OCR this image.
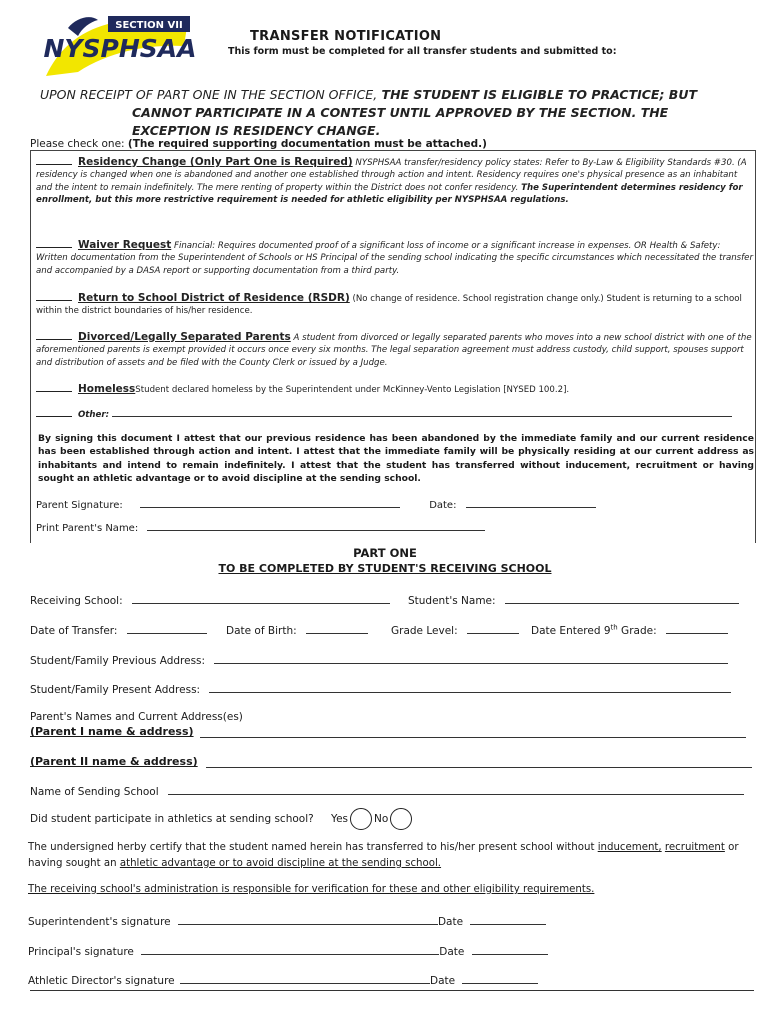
SECTION VII
NYSPHSAA	TRANSFER NOTIFICATION
This form must be completed for all transfer students and submitted to:
UPON RECEIPT OF PART ONE IN THE SECTION OFFICE, THE STUDENT IS ELIGIBLE TO PRACTICE; BUT
CANNOT PARTICIPATE IN A CONTEST UNTIL APPROVED BY THE SECTION. THE
EXCEPTION IS RESIDENCY CHANGE.
Please check one: (The required supporting documentation must be attached.)
Residency Change (Only Part One is Required) NYSPHSAA transfer/residency policy states: Refer to By-Law & Eligibility Standards #30. (A residency is changed when one is abandoned and another one established through action and intent. Residency requires one's physical presence as an inhabitant and the intent to remain indefinitely. The mere renting of property within the District does not confer residency. The Superintendent determines residency for enrollment, but this more restrictive requirement is needed for athletic eligibility per NYSPHSAA regulations.
Waiver Request Financial: Requires documented proof of a significant loss of income or a significant increase in expenses. OR Health & Safety: Written documentation from the Superintendent of Schools or HS Principal of the sending school indicating the specific circumstances which necessitated the transfer and accompanied by a DASA report or supporting documentation from a third party.
Return to School District of Residence (RSDR) (No change of residence. School registration change only.) Student is returning to a school within the district boundaries of his/her residence.
Divorced/Legally Separated Parents A student from divorced or legally separated parents who moves into a new school district with one of the aforementioned parents is exempt provided it occurs once every six months. The legal separation agreement must address custody, child support, spouses support and distribution of assets and be filed with the County Clerk or issued by a Judge.
HomelessStudent declared homeless by the Superintendent under McKinney-Vento Legislation [NYSED 100.2].
Other:
By signing this document I attest that our previous residence has been abandoned by the immediate family and our current residence has been established through action and intent. I attest that the immediate family will be physically residing at our current address as inhabitants and intend to remain indefinitely. I attest that the student has transferred without inducement, recruitment or having sought an athletic advantage or to avoid discipline at the sending school.
Parent Signature:	Date:
Print Parent's Name:
PART ONE
TO BE COMPLETED BY STUDENT'S RECEIVING SCHOOL
Receiving School:	Student's Name:
Date of Transfer:	Date of Birth:	Grade Level:	Date Entered 9th Grade:
Student/Family Previous Address:
Student/Family Present Address:
Parent's Names and Current Address(es)
(Parent I name & address)
(Parent II name & address)
Name of Sending School
Did student participate in athletics at sending school? Yes No
The undersigned herby certify that the student named herein has transferred to his/her present school without inducement, recruitment or having sought an athletic advantage or to avoid discipline at the sending school.
The receiving school's administration is responsible for verification for these and other eligibility requirements.
Superintendent's signature	Date
Principal's signature	Date
Athletic Director's signature	Date
